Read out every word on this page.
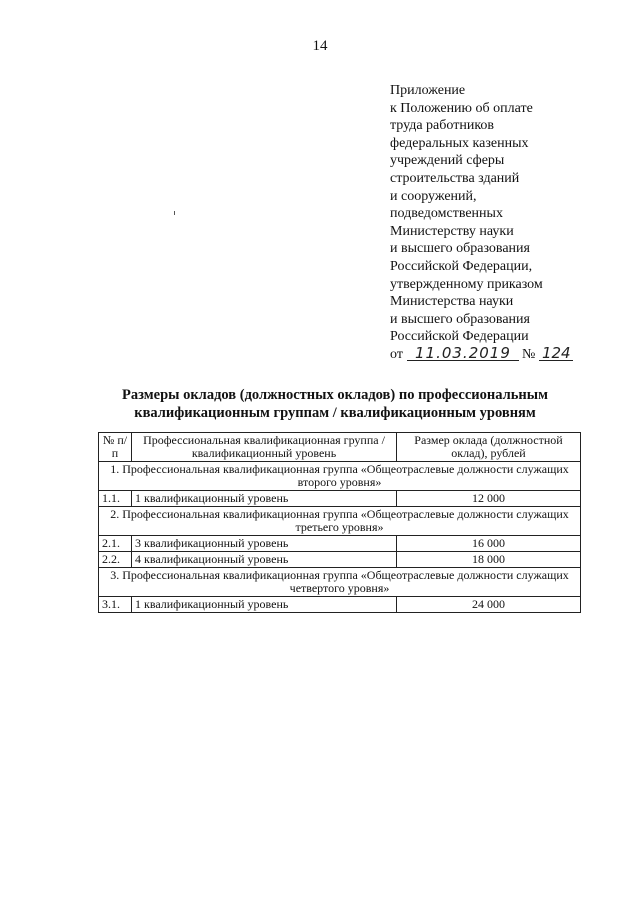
14
Приложение
к Положению об оплате
труда работников
федеральных казенных
учреждений сферы
строительства зданий
и сооружений,
подведомственных
Министерству науки
и высшего образования
Российской Федерации,
утвержденному приказом
Министерства науки
и высшего образования
Российской Федерации
от 11.03.2019 № 124
Размеры окладов (должностных окладов) по профессиональным
квалификационным группам / квалификационным уровням
№ п/п	Профессиональная квалификационная группа / квалификационный уровень	Размер оклада (должностной оклад), рублей
1. Профессиональная квалификационная группа «Общеотраслевые должности служащих второго уровня»		
1.1.	1 квалификационный уровень	12 000
2. Профессиональная квалификационная группа «Общеотраслевые должности служащих третьего уровня»		
2.1.	3 квалификационный уровень	16 000
2.2.	4 квалификационный уровень	18 000
3. Профессиональная квалификационная группа «Общеотраслевые должности служащих четвертого уровня»		
3.1.	1 квалификационный уровень	24 000
